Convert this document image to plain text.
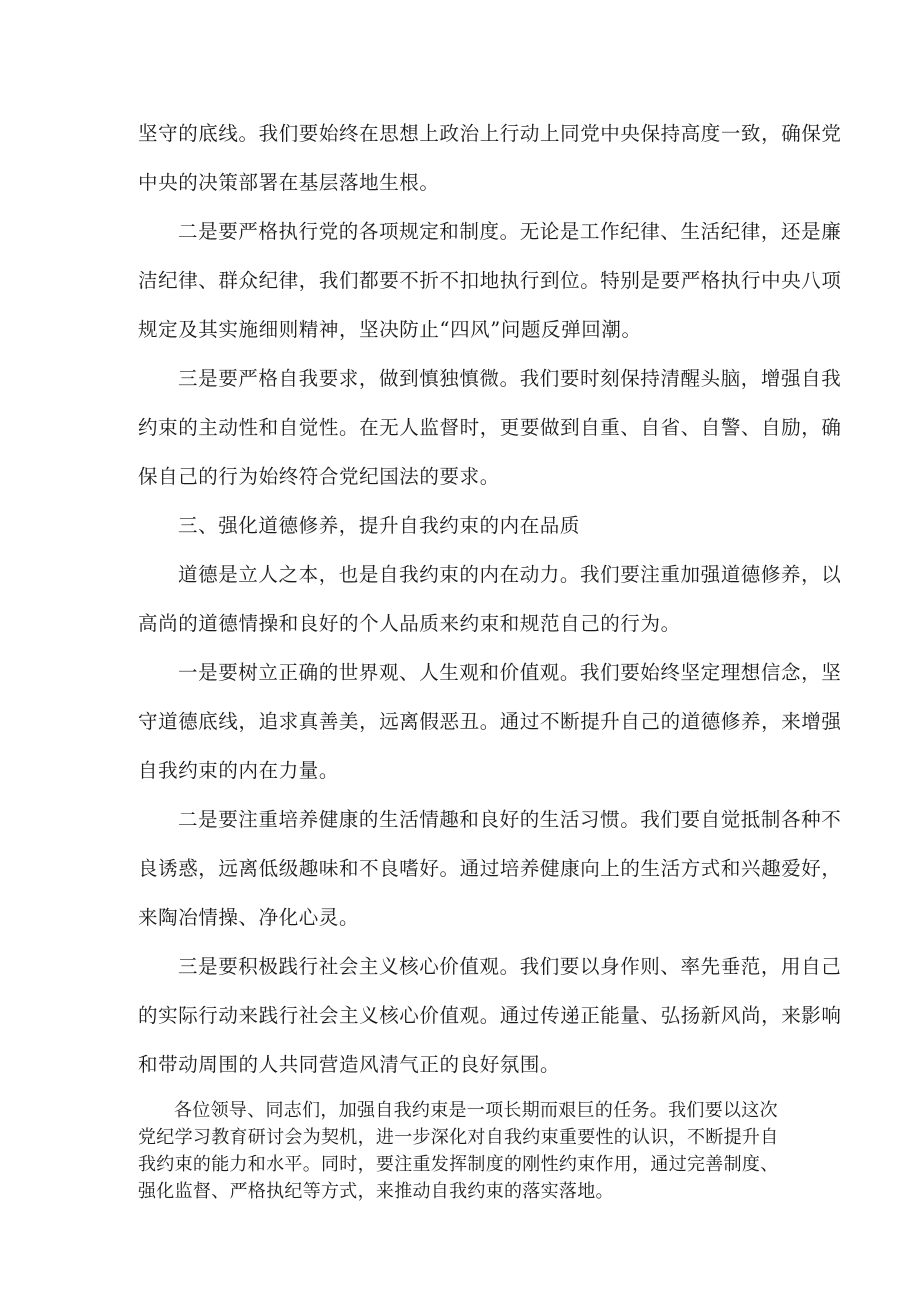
坚守的底线。我们要始终在思想上政治上行动上同党中央保持高度一致，确保党
中央的决策部署在基层落地生根。
二是要严格执行党的各项规定和制度。无论是工作纪律、生活纪律，还是廉
洁纪律、群众纪律，我们都要不折不扣地执行到位。特别是要严格执行中央八项
规定及其实施细则精神，坚决防止“四风”问题反弹回潮。
三是要严格自我要求，做到慎独慎微。我们要时刻保持清醒头脑，增强自我
约束的主动性和自觉性。在无人监督时，更要做到自重、自省、自警、自励，确
保自己的行为始终符合党纪国法的要求。
三、强化道德修养，提升自我约束的内在品质
道德是立人之本，也是自我约束的内在动力。我们要注重加强道德修养，以
高尚的道德情操和良好的个人品质来约束和规范自己的行为。
一是要树立正确的世界观、人生观和价值观。我们要始终坚定理想信念，坚
守道德底线，追求真善美，远离假恶丑。通过不断提升自己的道德修养，来增强
自我约束的内在力量。
二是要注重培养健康的生活情趣和良好的生活习惯。我们要自觉抵制各种不
良诱惑，远离低级趣味和不良嗜好。通过培养健康向上的生活方式和兴趣爱好，
来陶冶情操、净化心灵。
三是要积极践行社会主义核心价值观。我们要以身作则、率先垂范，用自己
的实际行动来践行社会主义核心价值观。通过传递正能量、弘扬新风尚，来影响
和带动周围的人共同营造风清气正的良好氛围。
各位领导、同志们，加强自我约束是一项长期而艰巨的任务。我们要以这次
党纪学习教育研讨会为契机，进一步深化对自我约束重要性的认识，不断提升自
我约束的能力和水平。同时，要注重发挥制度的刚性约束作用，通过完善制度、
强化监督、严格执纪等方式，来推动自我约束的落实落地。
